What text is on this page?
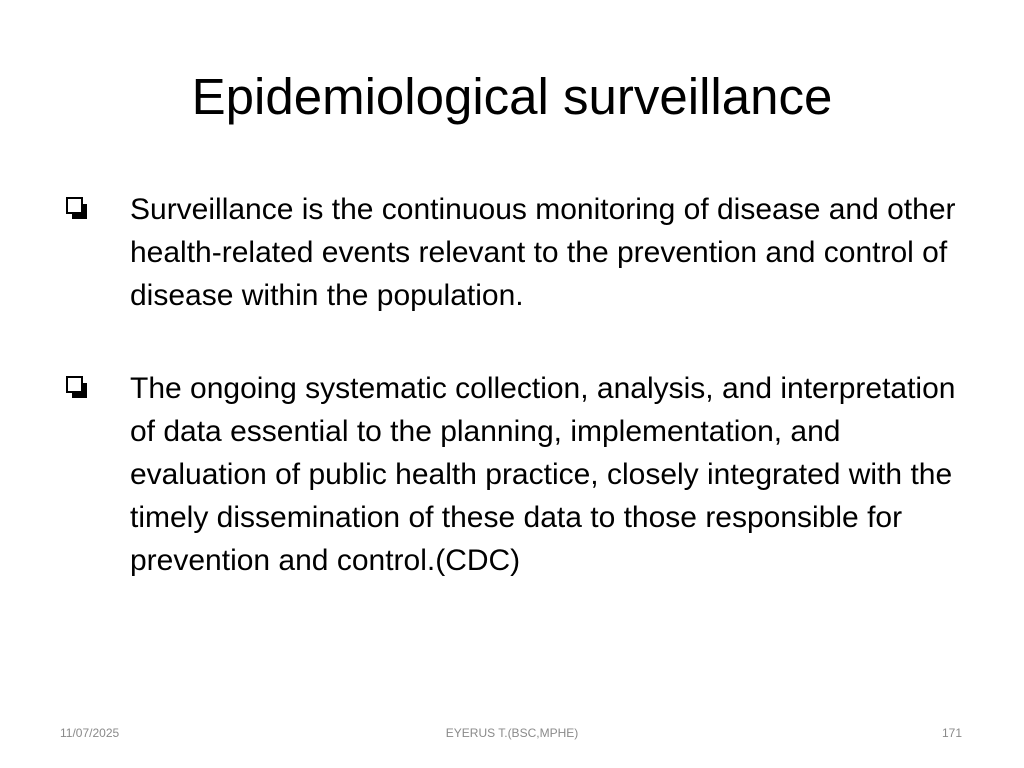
Epidemiological surveillance
Surveillance is the continuous monitoring of disease and other health-related events relevant to the prevention and control of disease within the population.
The ongoing systematic collection, analysis, and interpretation of data essential to the planning, implementation, and evaluation of public health practice, closely integrated with the timely dissemination of these data to those responsible for prevention and control.(CDC)
11/07/2025	EYERUS T.(BSC,MPHE)	171
